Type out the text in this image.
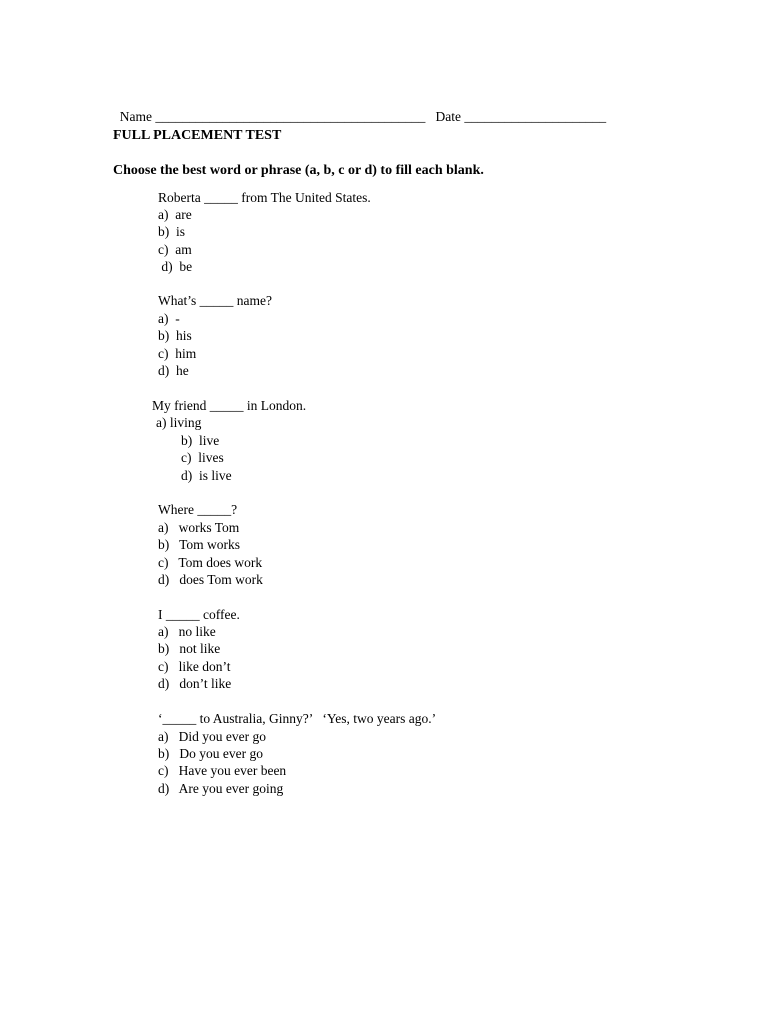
Name ________________________________________ Date _____________________

FULL PLACEMENT TEST
Choose the best word or phrase (a, b, c or d) to fill each blank.
Roberta _____ from The United States.
a)  are
b)  is
c)  am
d)  be
What’s _____ name?
a)  -
b)  his
c)  him
d)  he
My friend _____ in London.
a) living
b)  live
c)  lives
d)  is live
Where _____?
a)   works Tom
b)   Tom works
c)   Tom does work
d)   does Tom work
I _____ coffee.
a)   no like
b)   not like
c)   like don’t
d)   don’t like
‘_____ to Australia, Ginny?’   ‘Yes, two years ago.’
a)   Did you ever go
b)   Do you ever go
c)   Have you ever been
d)   Are you ever going
